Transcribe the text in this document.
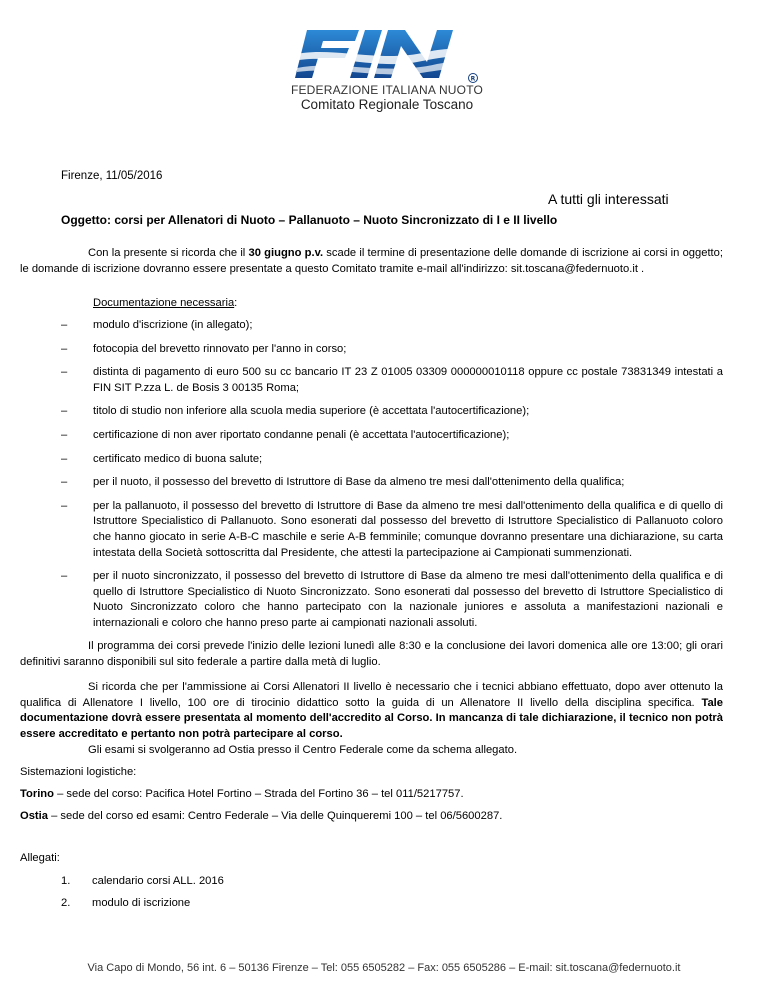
R
FEDERAZIONE ITALIANA NUOTO
Comitato Regionale Toscano
Firenze, 11/05/2016
A tutti gli interessati
Oggetto: corsi per Allenatori di Nuoto – Pallanuoto – Nuoto Sincronizzato di I e II livello

Con la presente si ricorda che il 30 giugno p.v. scade il termine di presentazione delle domande di iscrizione ai corsi in oggetto; le domande di iscrizione dovranno essere presentate a questo Comitato tramite e-mail all'indirizzo: sit.toscana@federnuoto.it .

Documentazione necessaria:
– modulo d'iscrizione (in allegato);
– fotocopia del brevetto rinnovato per l'anno in corso;
– distinta di pagamento di euro 500 su cc bancario IT 23 Z 01005 03309 000000010118 oppure cc postale 73831349 intestati a FIN SIT P.zza L. de Bosis 3 00135 Roma;
– titolo di studio non inferiore alla scuola media superiore (è accettata l'autocertificazione);
– certificazione di non aver riportato condanne penali (è accettata l'autocertificazione);
– certificato medico di buona salute;
– per il nuoto, il possesso del brevetto di Istruttore di Base da almeno tre mesi dall'ottenimento della qualifica;
– per la pallanuoto, il possesso del brevetto di Istruttore di Base da almeno tre mesi dall'ottenimento della qualifica e di quello di Istruttore Specialistico di Pallanuoto. Sono esonerati dal possesso del brevetto di Istruttore Specialistico di Pallanuoto coloro che hanno giocato in serie A-B-C maschile e serie A-B femminile; comunque dovranno presentare una dichiarazione, su carta intestata della Società sottoscritta dal Presidente, che attesti la partecipazione ai Campionati summenzionati.
– per il nuoto sincronizzato, il possesso del brevetto di Istruttore di Base da almeno tre mesi dall'ottenimento della qualifica e di quello di Istruttore Specialistico di Nuoto Sincronizzato. Sono esonerati dal possesso del brevetto di Istruttore Specialistico di Nuoto Sincronizzato coloro che hanno partecipato con la nazionale juniores e assoluta a manifestazioni nazionali e internazionali e coloro che hanno preso parte ai campionati nazionali assoluti.

Il programma dei corsi prevede l'inizio delle lezioni lunedì alle 8:30 e la conclusione dei lavori domenica alle ore 13:00; gli orari definitivi saranno disponibili sul sito federale a partire dalla metà di luglio.

Si ricorda che per l'ammissione ai Corsi Allenatori II livello è necessario che i tecnici abbiano effettuato, dopo aver ottenuto la qualifica di Allenatore I livello, 100 ore di tirocinio didattico sotto la guida di un Allenatore II livello della disciplina specifica. Tale documentazione dovrà essere presentata al momento dell'accredito al Corso. In mancanza di tale dichiarazione, il tecnico non potrà essere accreditato e pertanto non potrà partecipare al corso.

Gli esami si svolgeranno ad Ostia presso il Centro Federale come da schema allegato.

Sistemazioni logistiche:

Torino – sede del corso: Pacifica Hotel Fortino – Strada del Fortino 36 – tel 011/5217757.

Ostia – sede del corso ed esami: Centro Federale – Via delle Quinqueremi 100 – tel 06/5600287.

Allegati:

1. calendario corsi ALL. 2016
2. modulo di iscrizione
Via Capo di Mondo, 56 int. 6 – 50136 Firenze – Tel: 055 6505282 – Fax: 055 6505286 – E-mail: sit.toscana@federnuoto.it
